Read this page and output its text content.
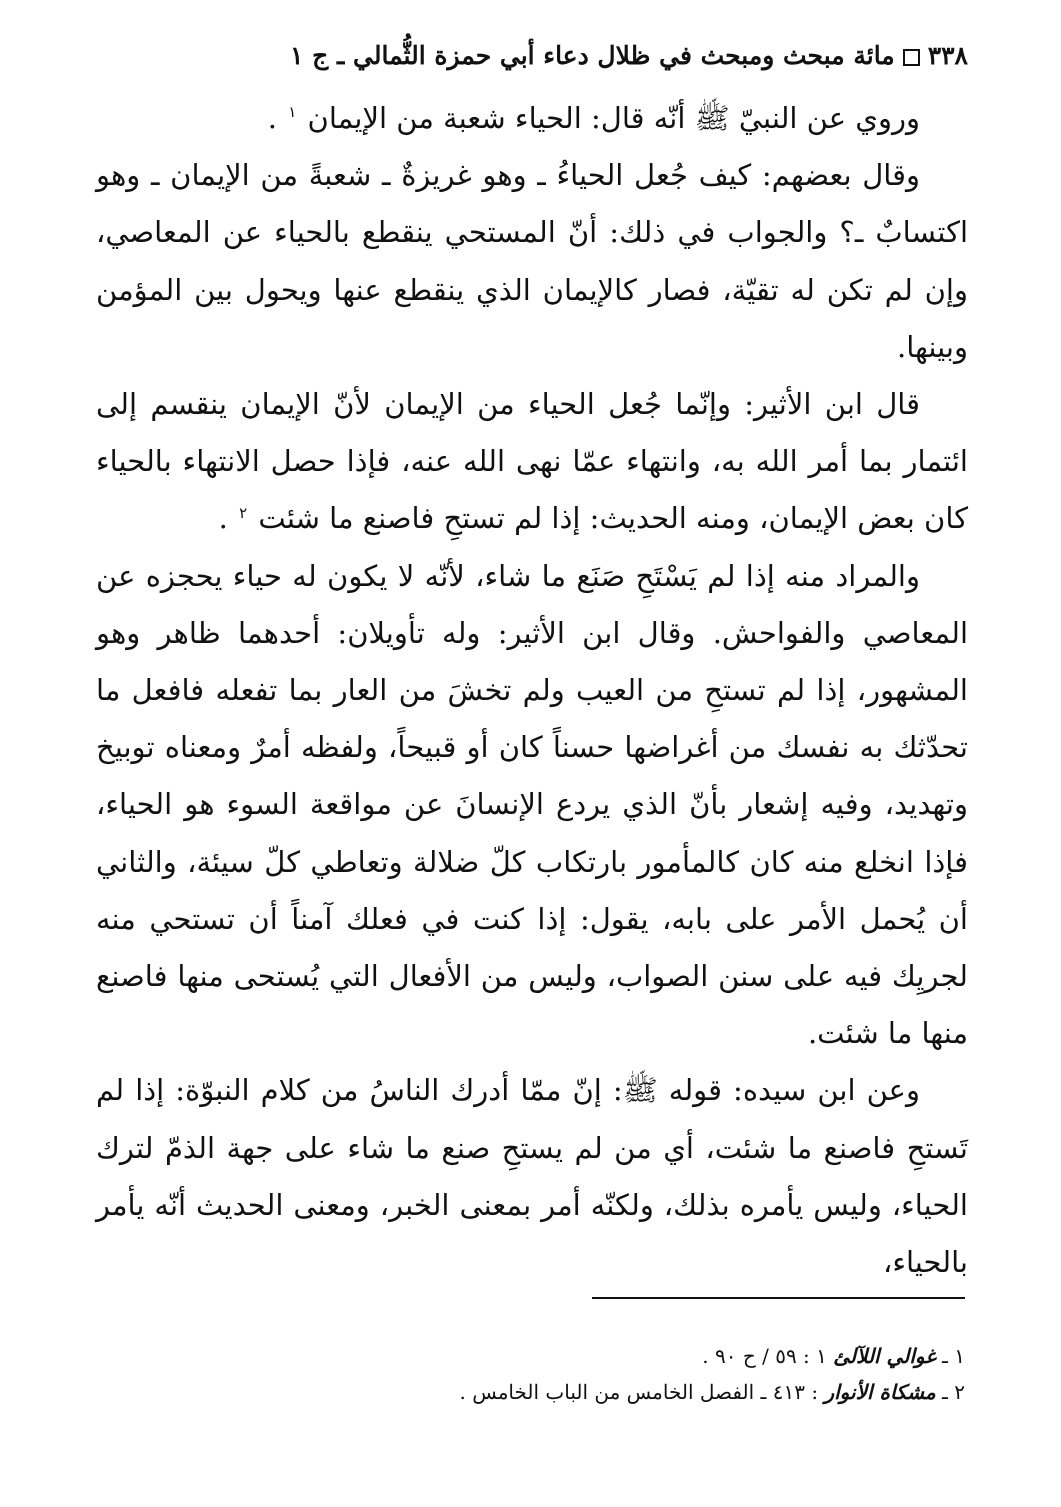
٣٣٨مائة مبحث ومبحث في ظلال دعاء أبي حمزة الثُّمالي ـ ج ١

وروي عن النبيّ ﷺ أنّه قال: الحياء شعبة من الإيمان $^١$ .

وقال بعضهم: كيف جُعل الحياءُ ـ وهو غريزةٌ ـ شعبةً من الإيمان ـ وهو اكتسابٌ ـ؟ والجواب في ذلك: أنّ المستحي ينقطع بالحياء عن المعاصي، وإن لم تكن له تقيّة، فصار كالإيمان الذي ينقطع عنها ويحول بين المؤمن وبينها.

قال ابن الأثير: وإنّما جُعل الحياء من الإيمان لأنّ الإيمان ينقسم إلى ائتمار بما أمر الله به، وانتهاء عمّا نهى الله عنه، فإذا حصل الانتهاء بالحياء كان بعض الإيمان، ومنه الحديث: إذا لم تستحِ فاصنع ما شئت $^٢$ .

والمراد منه إذا لم يَسْتَحِ صَنَع ما شاء، لأنّه لا يكون له حياء يحجزه عن المعاصي والفواحش. وقال ابن الأثير: وله تأويلان: أحدهما ظاهر وهو المشهور، إذا لم تستحِ من العيب ولم تخشَ من العار بما تفعله فافعل ما تحدّثك به نفسك من أغراضها حسناً كان أو قبيحاً، ولفظه أمرٌ ومعناه توبيخ وتهديد، وفيه إشعار بأنّ الذي يردع الإنسانَ عن مواقعة السوء هو الحياء، فإذا انخلع منه كان كالمأمور بارتكاب كلّ ضلالة وتعاطي كلّ سيئة، والثاني أن يُحمل الأمر على بابه، يقول: إذا كنت في فعلك آمناً أن تستحي منه لجريِك فيه على سنن الصواب، وليس من الأفعال التي يُستحى منها فاصنع منها ما شئت.

وعن ابن سيده: قوله ﷺ: إنّ ممّا أدرك الناسُ من كلام النبوّة: إذا لم تَستحِ فاصنع ما شئت، أي من لم يستحِ صنع ما شاء على جهة الذمّ لترك الحياء، وليس يأمره بذلك، ولكنّه أمر بمعنى الخبر، ومعنى الحديث أنّه يأمر بالحياء،

١ ـ غوالي اللآلئ ١ : ٥٩ / ح ٩٠ .

٢ ـ مشكاة الأنوار : ٤١٣ ـ الفصل الخامس من الباب الخامس .
